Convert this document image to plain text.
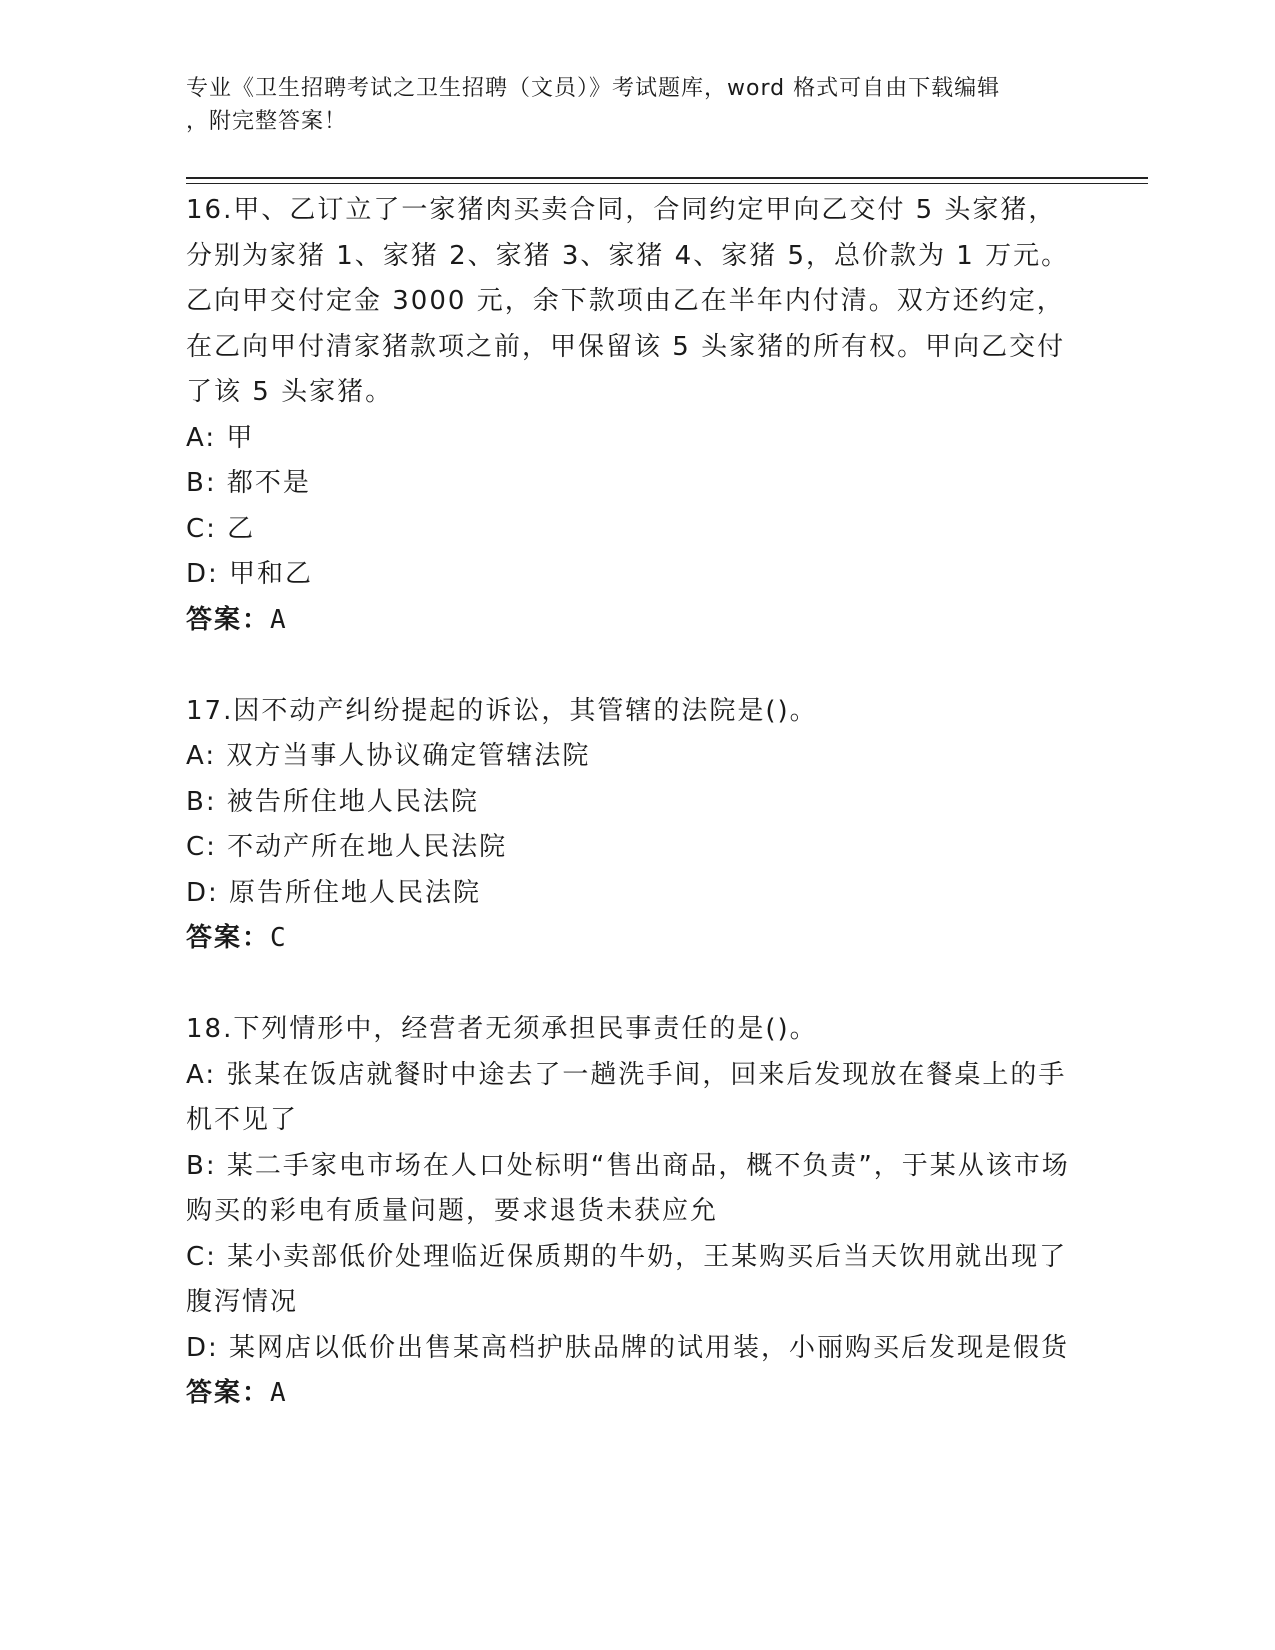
专业《卫生招聘考试之卫生招聘（文员）》考试题库，word 格式可自由下载编辑
，附完整答案！

16.甲、乙订立了一家猪肉买卖合同，合同约定甲向乙交付 5 头家猪，分别为家猪 1、家猪 2、家猪 3、家猪 4、家猪 5，总价款为 1 万元。乙向甲交付定金 3000 元，余下款项由乙在半年内付清。双方还约定，在乙向甲付清家猪款项之前，甲保留该 5 头家猪的所有权。甲向乙交付了该 5 头家猪。

A: 甲

B: 都不是

C: 乙

D: 甲和乙

答案：A

17.因不动产纠纷提起的诉讼，其管辖的法院是()。

A: 双方当事人协议确定管辖法院

B: 被告所住地人民法院

C: 不动产所在地人民法院

D: 原告所住地人民法院

答案：C

18.下列情形中，经营者无须承担民事责任的是()。

A: 张某在饭店就餐时中途去了一趟洗手间，回来后发现放在餐桌上的手机不见了

B: 某二手家电市场在人口处标明“售出商品，概不负责”，于某从该市场购买的彩电有质量问题，要求退货未获应允

C: 某小卖部低价处理临近保质期的牛奶，王某购买后当天饮用就出现了腹泻情况

D: 某网店以低价出售某高档护肤品牌的试用装，小丽购买后发现是假货

答案：A
